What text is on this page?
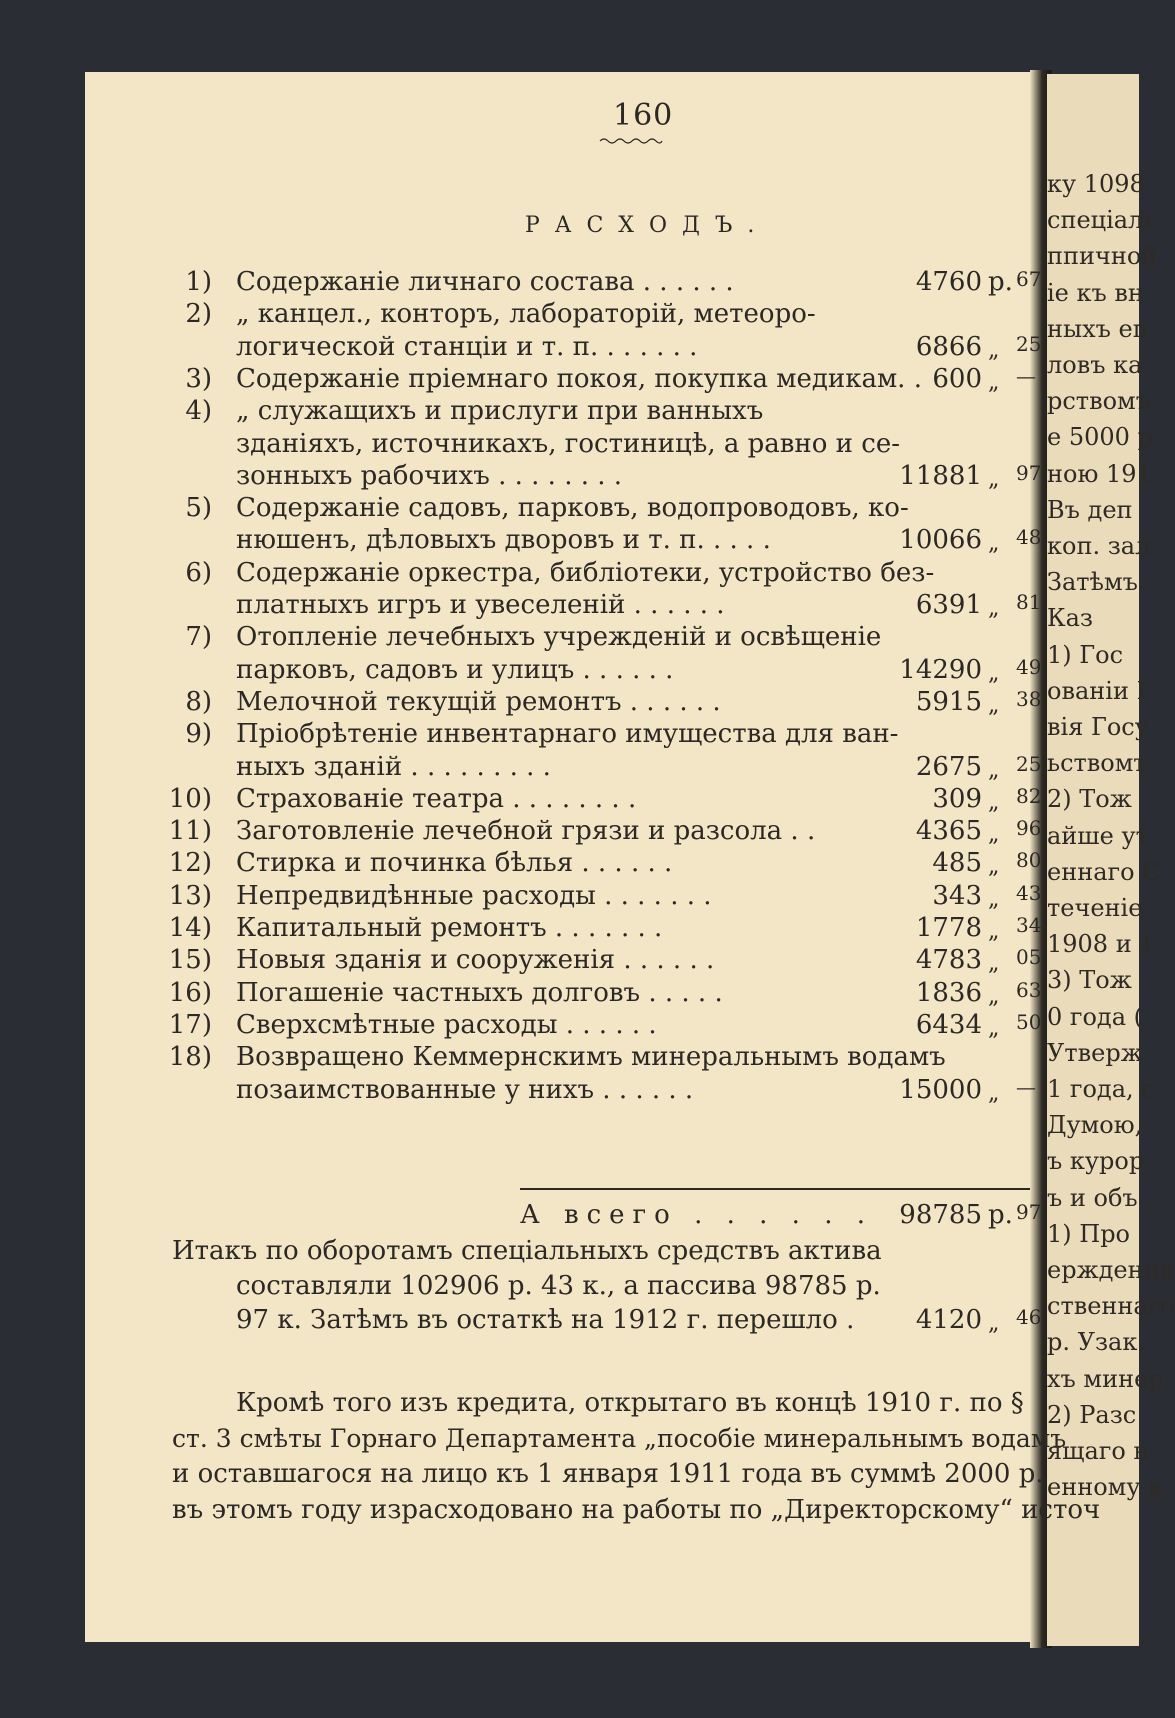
ку 1098
спеціаль
ппичной
іе къ вн
ныхъ еп
ловъ ка
рствомъ
е 5000 р
ною 191
Въ деп
коп. зал
Затѣмъ
Каз
1) Гос
ованіи І
вія Госу
ьствомъ
2) Тож
айше ут
еннаго С
теченіе
1908 и 1
3) Тож
0 года (
Утверж
1 года, с
Думою,
ъ курор
ъ и объ
1) Про
ерждення
ственнаго
р. Узак.
хъ минер
2) Разс
ящаго н
енному к
160
РАСХОДЪ.
1) Содержаніе личнаго состава . . . . . .	4760 р. 67
2) „ канцел., конторъ, лабораторій, метеоро-
логической станціи и т. п. . . . . . .	6866 „ 25
3) Содержаніе пріемнаго покоя, покупка медикам. . 600 „ —
4) „ служащихъ и прислуги при ванныхъ
зданіяхъ, источникахъ, гостиницѣ, а равно и се-
зонныхъ рабочихъ . . . . . . . .	11881 „ 97
5) Содержаніе садовъ, парковъ, водопроводовъ, ко-
нюшенъ, дѣловыхъ дворовъ и т. п. . . . .	10066 „ 48
6) Содержаніе оркестра, библіотеки, устройство без-
платныхъ игръ и увеселеній . . . . . .	6391 „ 81
7) Отопленіе лечебныхъ учрежденій и освѣщеніе
парковъ, садовъ и улицъ . . . . . .	14290 „ 49
8) Мелочной текущій ремонтъ . . . . . .	5915 „ 38
9) Пріобрѣтеніе инвентарнаго имущества для ван-
ныхъ зданій . . . . . . . . .	2675 „ 25
10) Страхованіе театра . . . . . . . .	309 „ 82
11) Заготовленіе лечебной грязи и разсола . .	4365 „ 96
12) Стирка и починка бѣлья . . . . . .	485 „ 80
13) Непредвидѣнные расходы . . . . . . .	343 „ 43
14) Капитальный ремонтъ . . . . . . .	1778 „ 34
15) Новыя зданія и сооруженія . . . . . .	4783 „ 05
16) Погашеніе частныхъ долговъ . . . . .	1836 „ 63
17) Сверхсмѣтные расходы . . . . . .	6434 „ 50
18) Возвращено Кеммернскимъ минеральнымъ водамъ
позаимствованные у нихъ . . . . . .	15000 „ —
А всего . . . . . .	98785 р. 97
Итакъ по оборотамъ спеціальныхъ средствъ актива
составляли 102906 р. 43 к., а пассива 98785 р.
97 к. Затѣмъ въ остаткѣ на 1912 г. перешло .	4120 „ 46
Кромѣ того изъ кредита, открытаго въ концѣ 1910 г. по §
ст. 3 смѣты Горнаго Департамента „пособіе минеральнымъ водамъ
и оставшагося на лицо къ 1 января 1911 года въ суммѣ 2000 р.
въ этомъ году израсходовано на работы по „Директорскому“ источ
